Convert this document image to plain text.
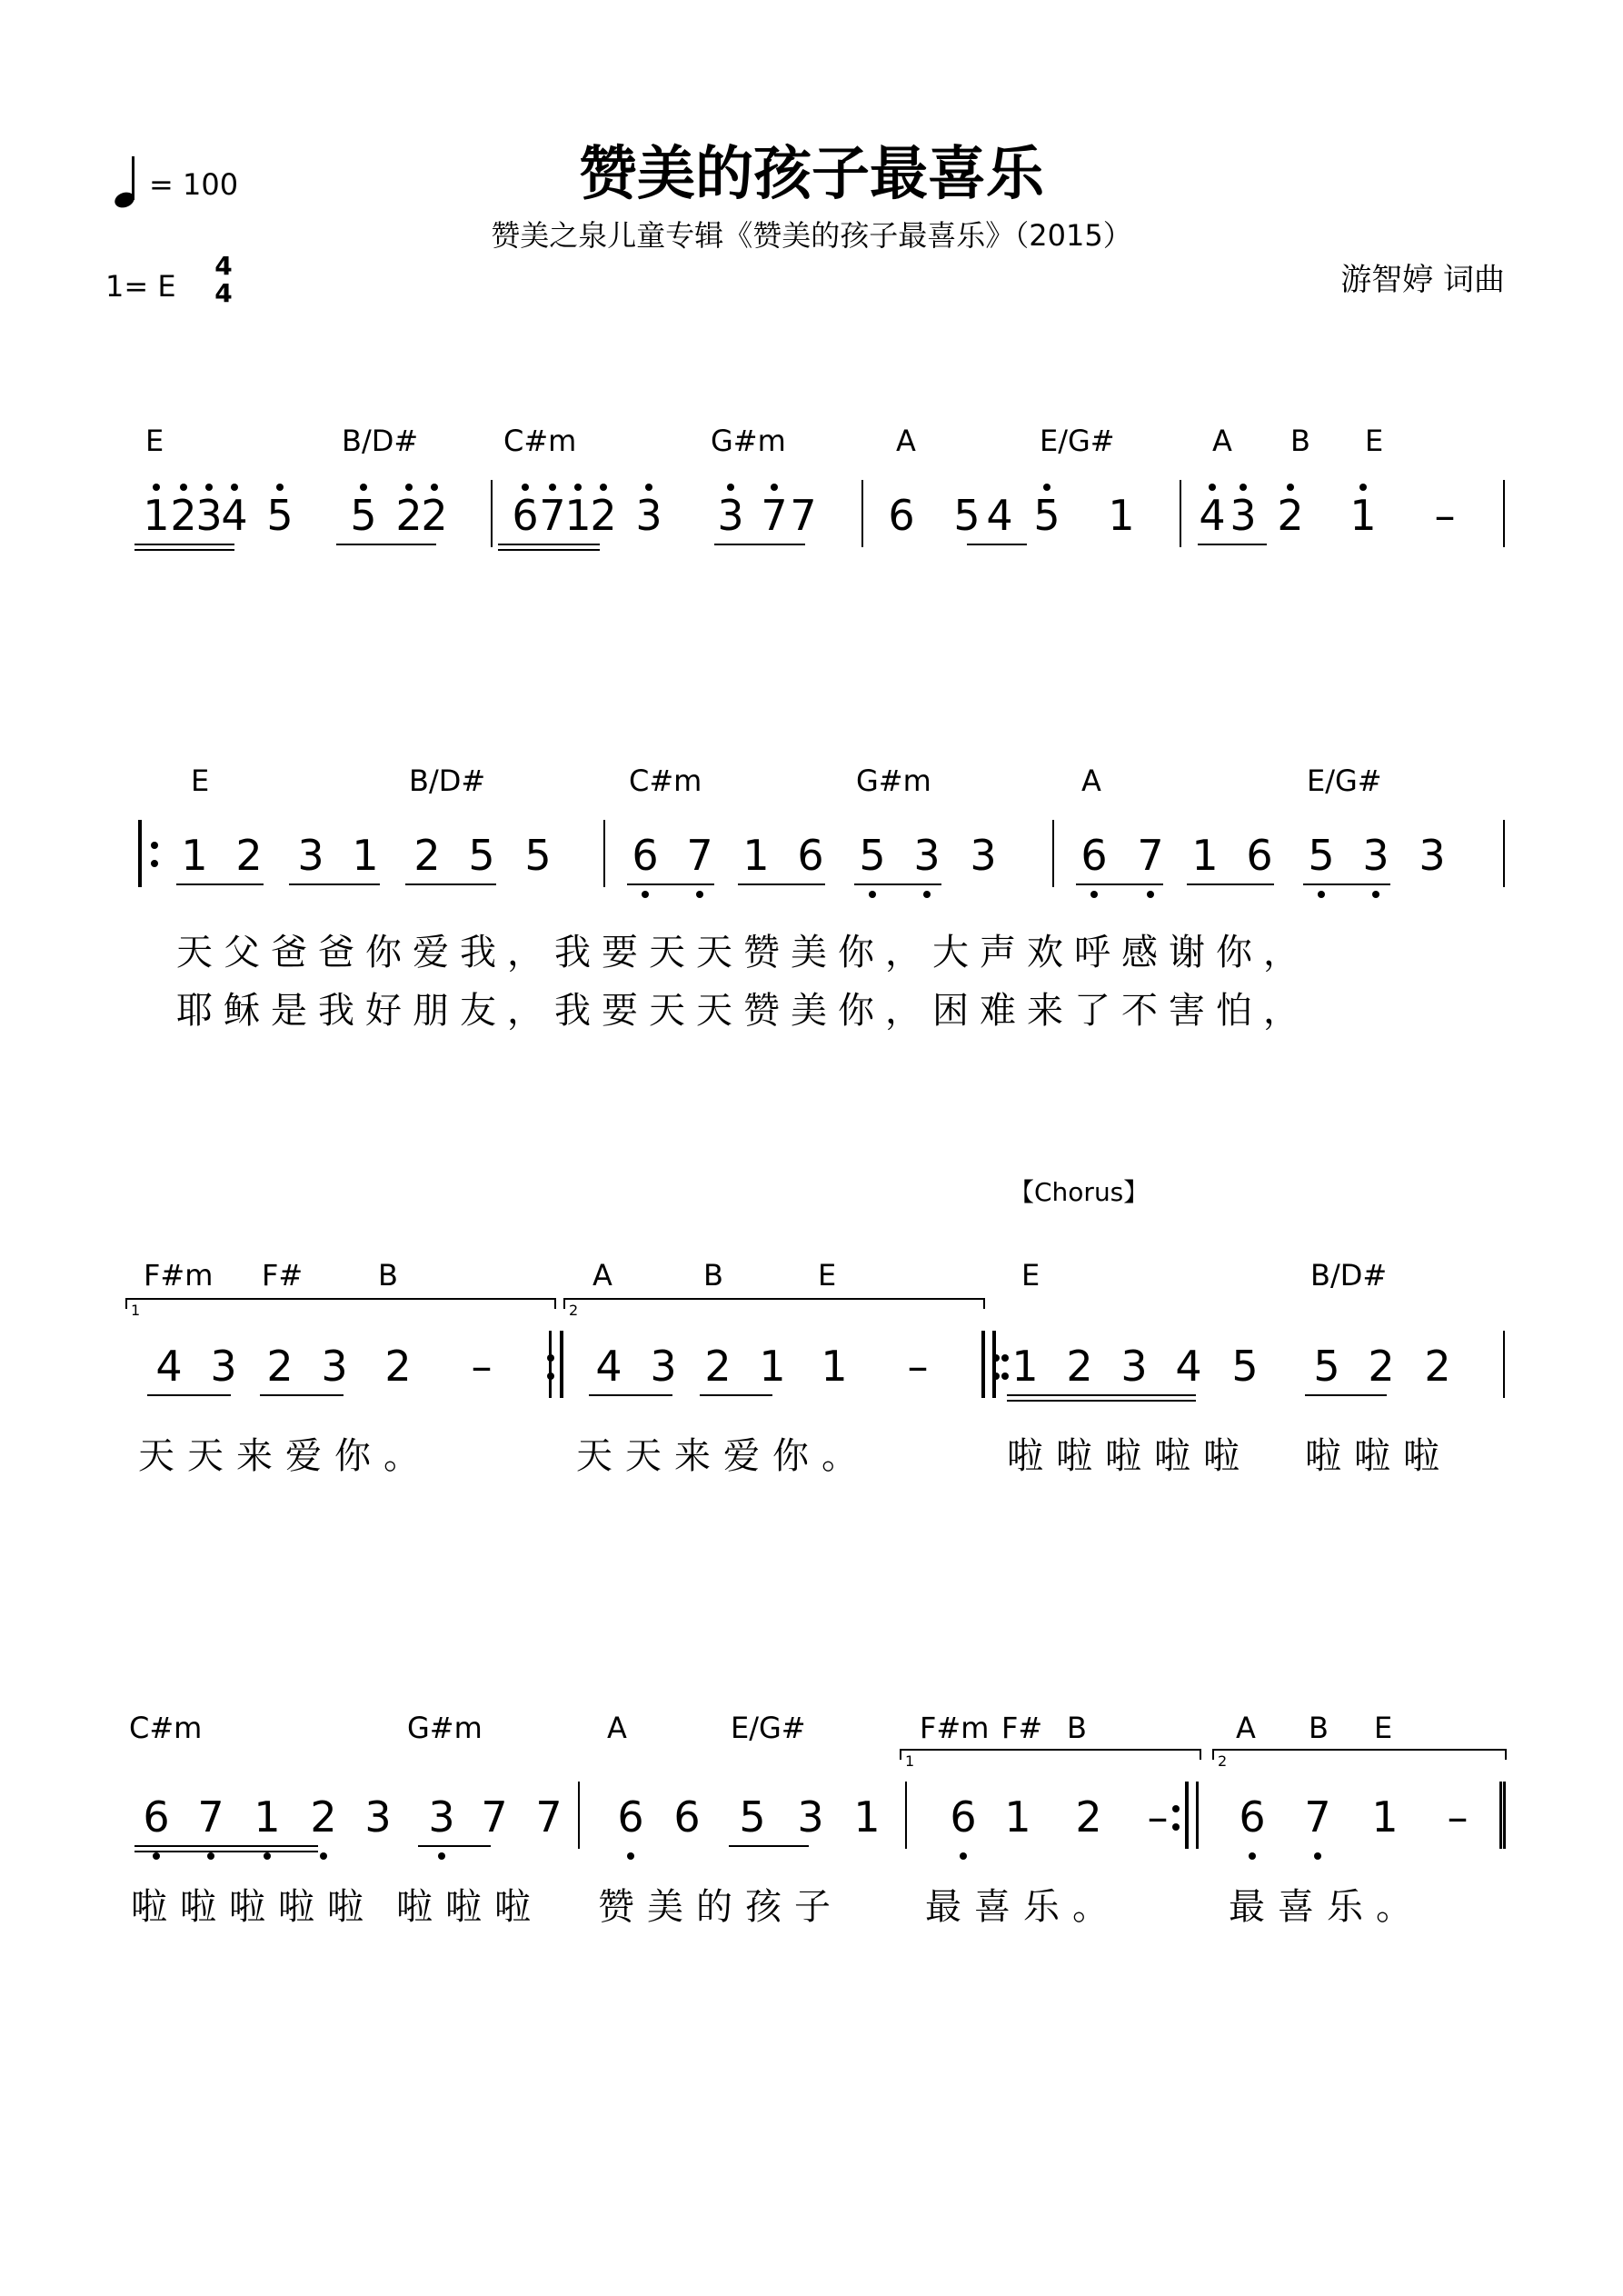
赞美的孩子最喜乐
赞美之泉儿童专辑《赞美的孩子最喜乐》（2015）
= 100
1= E
4
4	游智婷 词曲
E	B/D#	C#m	G#m	A	E/G#	A B E
1 2
3
4 5 5 2
2 6 7
1
2 3 3 7 7 6 5 4 5 1 4 3 2 1 –
E	B/D#	C#m	G#m	A	E/G#
1 2 3 1 2 5 5 6 7 1 6 5 3 3 6 7 1 6 5 3 3
天父爸爸你爱我，我要天天赞美你，大声欢呼感谢你，
耶稣是我好朋友，我要天天赞美你，困难来了不害怕，
F#m F#	B	A	B	E	E	B/D#
4 3 2 3 2 – 4 3 2 1 1 – 1 2 3 4 5 5 2 2
1	2
天天来爱你。	天天来爱你。	啦啦啦啦啦 啦啦啦
C#m	G#m	A	E/G#	F#m F# B	A B E
6 7 1 2 3 3 7 7 6 6 5 3 1 6 1 2 – 6 7 1 –
1	2
啦啦啦啦啦 啦啦啦 赞美的孩子 最喜乐。	最喜乐。
【Chorus】
